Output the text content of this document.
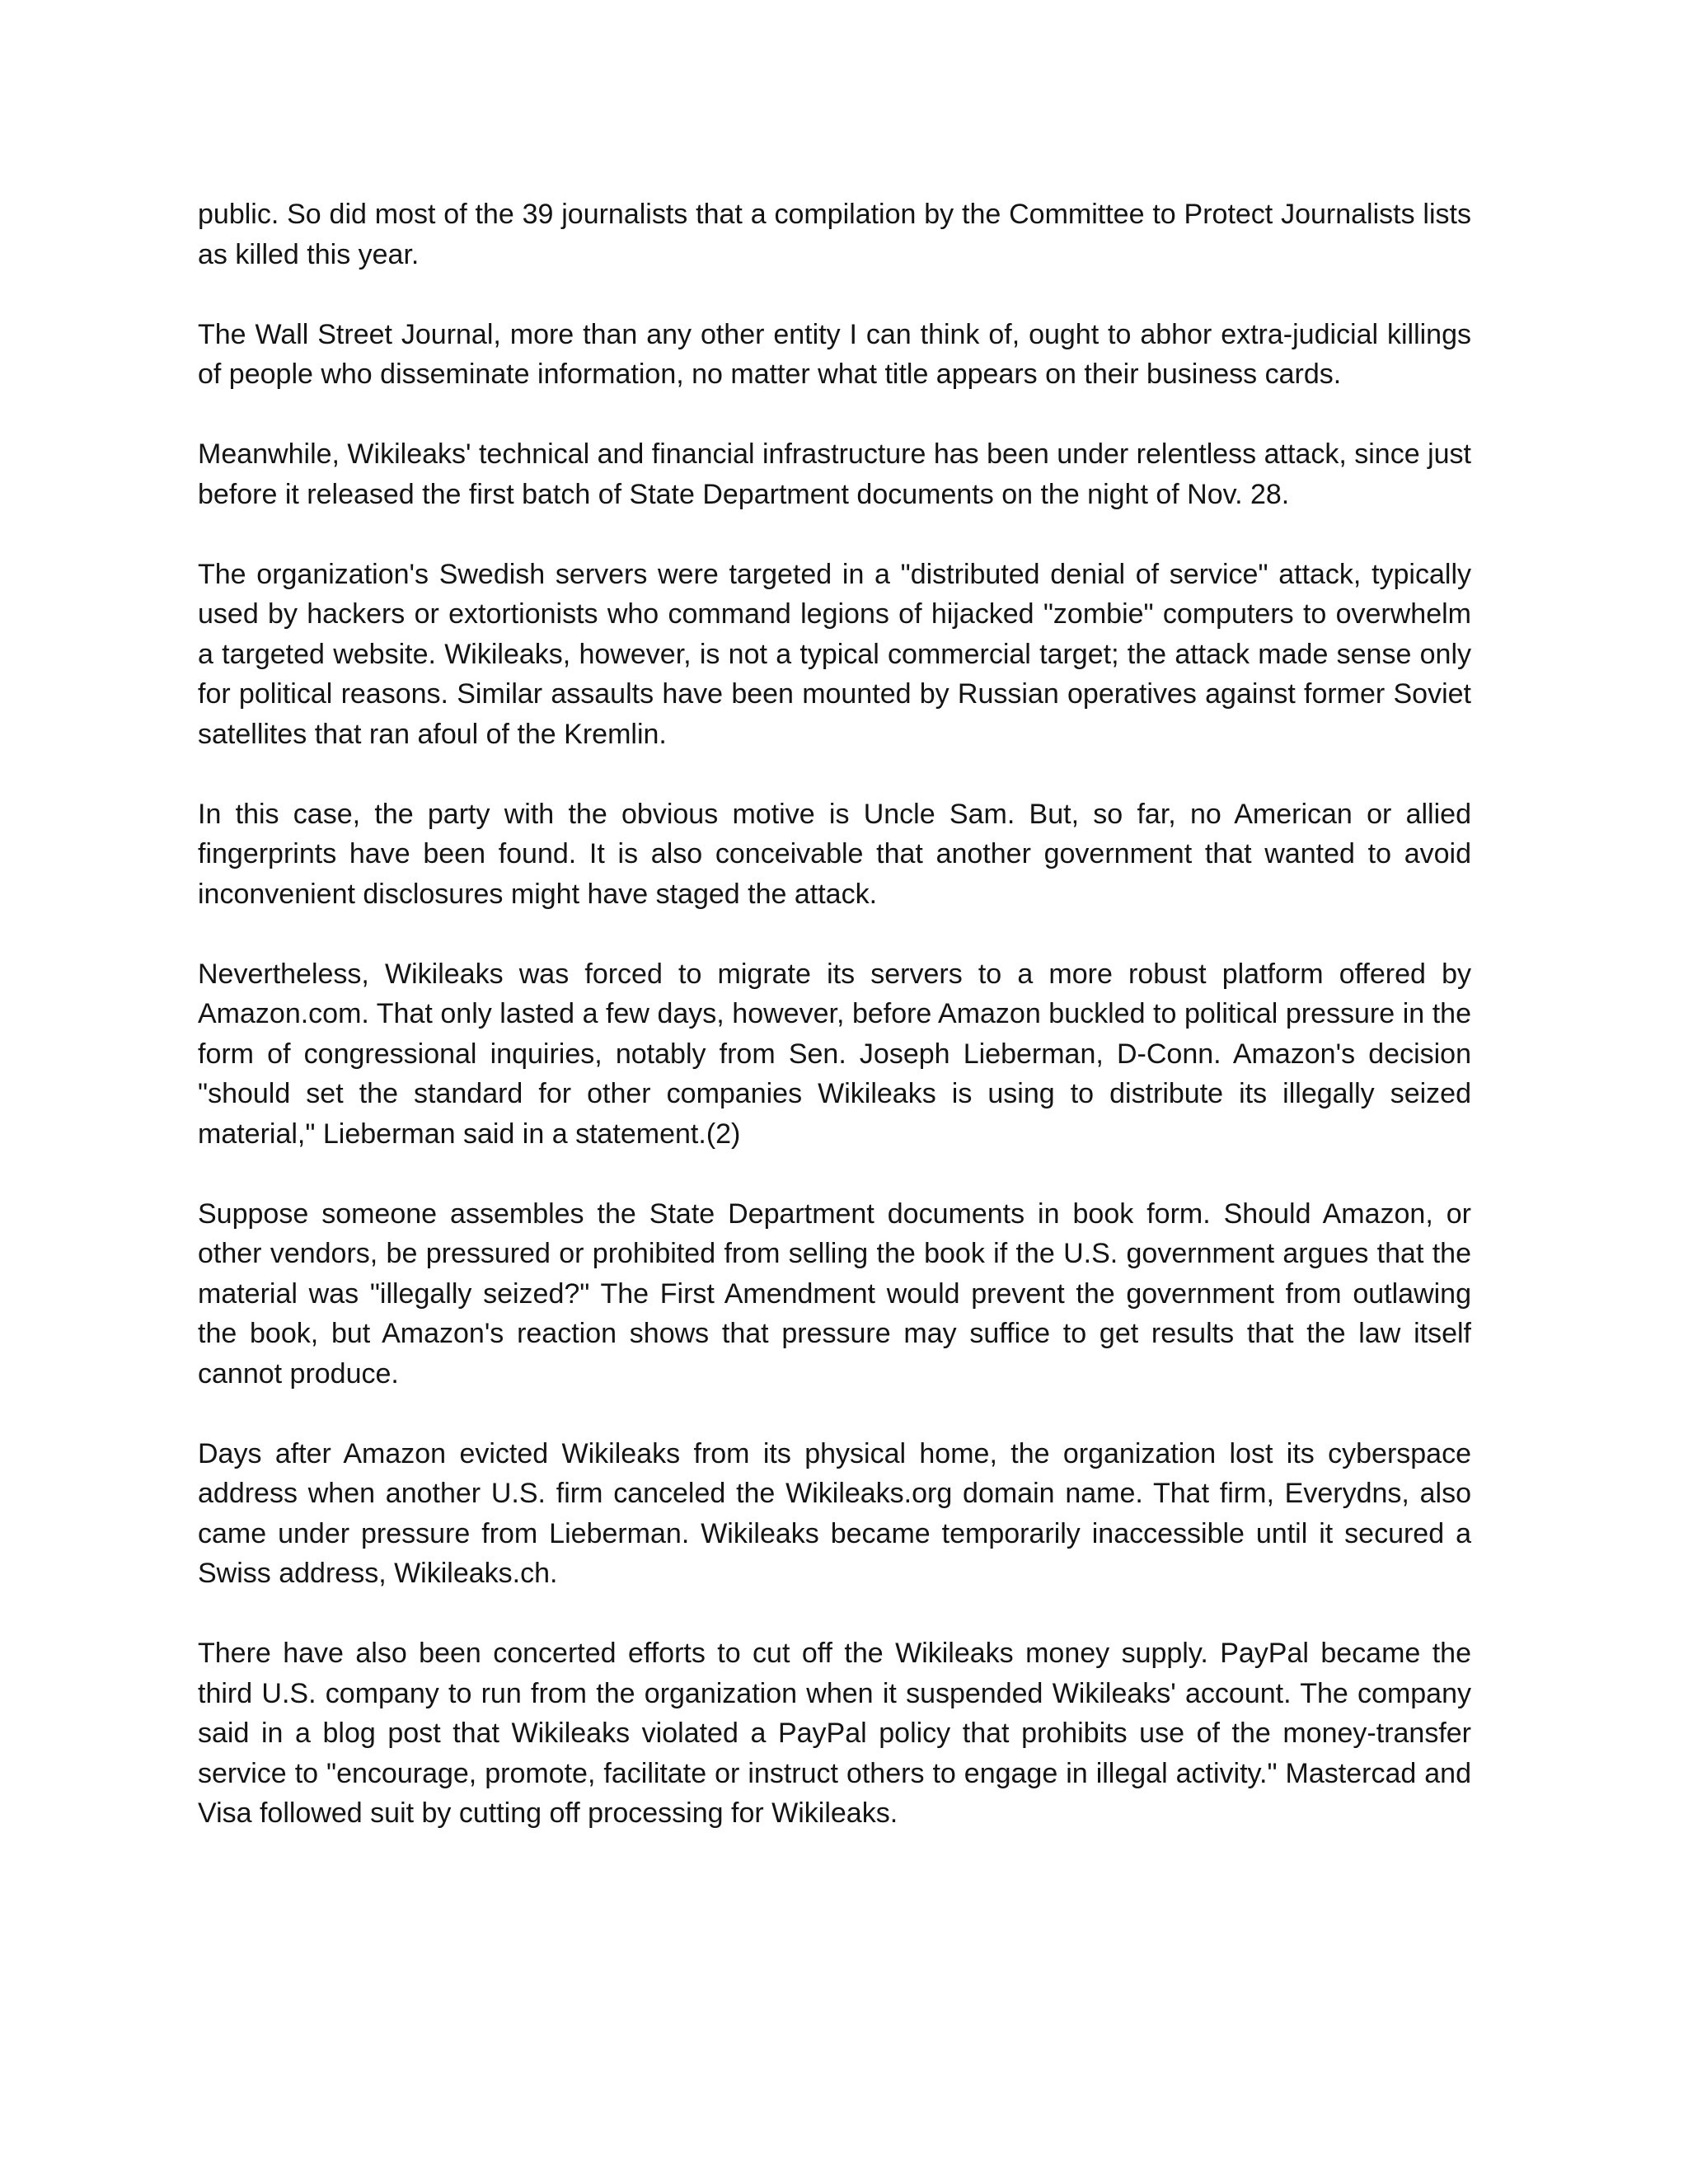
public. So did most of the 39 journalists that a compilation by the Committee to Protect Journalists lists as killed this year.

The Wall Street Journal, more than any other entity I can think of, ought to abhor extra-judicial killings of people who disseminate information, no matter what title appears on their business cards.

Meanwhile, Wikileaks' technical and financial infrastructure has been under relentless attack, since just before it released the first batch of State Department documents on the night of Nov. 28.

The organization's Swedish servers were targeted in a "distributed denial of service" attack, typically used by hackers or extortionists who command legions of hijacked "zombie" computers to overwhelm a targeted website. Wikileaks, however, is not a typical commercial target; the attack made sense only for political reasons. Similar assaults have been mounted by Russian operatives against former Soviet satellites that ran afoul of the Kremlin.

In this case, the party with the obvious motive is Uncle Sam. But, so far, no American or allied fingerprints have been found. It is also conceivable that another government that wanted to avoid inconvenient disclosures might have staged the attack.

Nevertheless, Wikileaks was forced to migrate its servers to a more robust platform offered by Amazon.com. That only lasted a few days, however, before Amazon buckled to political pressure in the form of congressional inquiries, notably from Sen. Joseph Lieberman, D-Conn. Amazon's decision "should set the standard for other companies Wikileaks is using to distribute its illegally seized material," Lieberman said in a statement.(2)

Suppose someone assembles the State Department documents in book form. Should Amazon, or other vendors, be pressured or prohibited from selling the book if the U.S. government argues that the material was "illegally seized?" The First Amendment would prevent the government from outlawing the book, but Amazon's reaction shows that pressure may suffice to get results that the law itself cannot produce.

Days after Amazon evicted Wikileaks from its physical home, the organization lost its cyberspace address when another U.S. firm canceled the Wikileaks.org domain name. That firm, Everydns, also came under pressure from Lieberman. Wikileaks became temporarily inaccessible until it secured a Swiss address, Wikileaks.ch.

There have also been concerted efforts to cut off the Wikileaks money supply. PayPal became the third U.S. company to run from the organization when it suspended Wikileaks' account. The company said in a blog post that Wikileaks violated a PayPal policy that prohibits use of the money-transfer service to "encourage, promote, facilitate or instruct others to engage in illegal activity." Mastercad and Visa followed suit by cutting off processing for Wikileaks.
